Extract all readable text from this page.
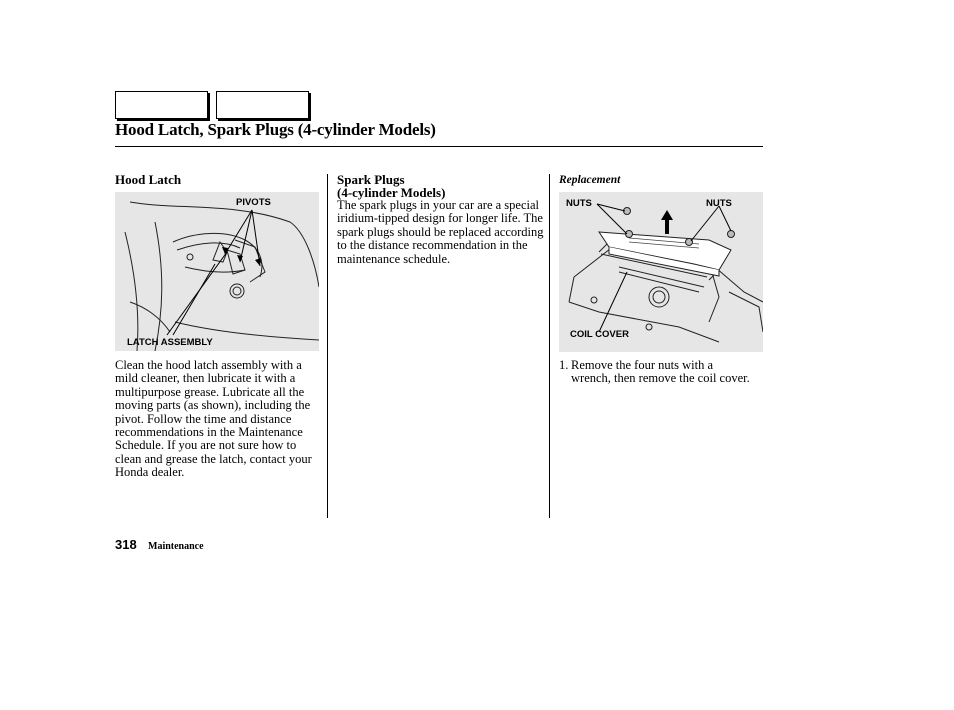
Hood Latch, Spark Plugs (4-cylinder Models)
Hood Latch
PIVOTS
LATCH ASSEMBLY

Clean the hood latch assembly with a mild cleaner, then lubricate it with a multipurpose grease. Lubricate all the moving parts (as shown), including the pivot. Follow the time and distance recommendations in the Maintenance Schedule. If you are not sure how to clean and grease the latch, contact your Honda dealer.

Spark Plugs
(4-cylinder Models)

The spark plugs in your car are a special iridium-tipped design for longer life. The spark plugs should be replaced according to the distance recommendation in the maintenance schedule.

Replacement
NUTS	NUTS
COIL COVER
1. Remove the four nuts with a wrench, then remove the coil cover.
318 Maintenance
